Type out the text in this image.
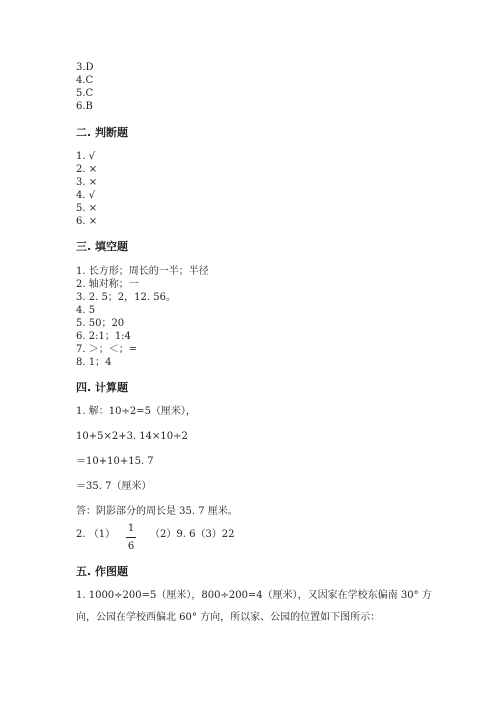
3.D
4.C
5.C
6.B
二. 判断题
1. √
2. ×
3. ×
4. √
5. ×
6. ×
三. 填空题
1. 长方形；周长的一半；半径
2. 轴对称；一
3. 2. 5；2，12. 56。
4. 5
5. 50；20
6. 2:1；1:4
7. ＞；＜；=
8. 1；4
四. 计算题
1. 解：10÷2=5（厘米），
10+5×2+3. 14×10÷2
＝10+10+15. 7
＝35. 7（厘米）
答：阴影部分的周长是 35. 7 厘米。
2. （1）
1
6
（2）9. 6（3）22
五. 作图题
1. 1000÷200=5（厘米），800÷200=4（厘米），又因家在学校东偏南 30° 方
向，公园在学校西偏北 60° 方向，所以家、公园的位置如下图所示：
